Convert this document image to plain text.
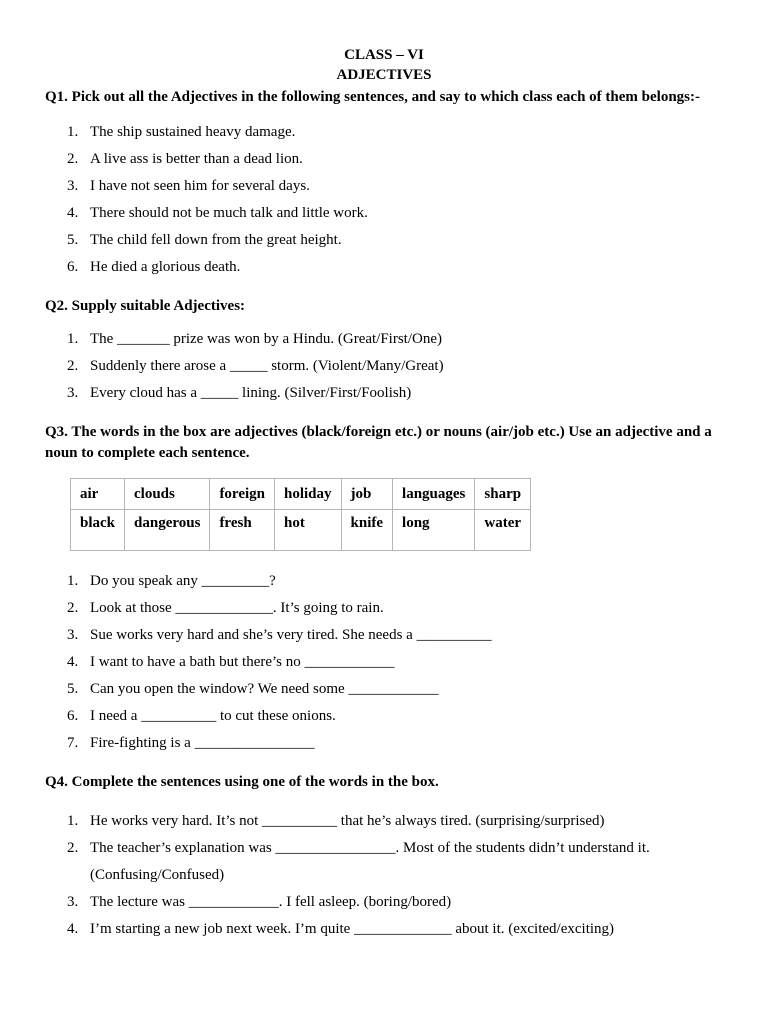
CLASS – VI
ADJECTIVES
Q1. Pick out all the Adjectives in the following sentences, and say to which class each of them belongs:-
1. The ship sustained heavy damage.
2. A live ass is better than a dead lion.
3. I have not seen him for several days.
4. There should not be much talk and little work.
5. The child fell down from the great height.
6. He died a glorious death.
Q2. Supply suitable Adjectives:
1. The _______ prize was won by a Hindu. (Great/First/One)
2. Suddenly there arose a _____ storm. (Violent/Many/Great)
3. Every cloud has a _____ lining. (Silver/First/Foolish)
Q3. The words in the box are adjectives (black/foreign etc.) or nouns (air/job etc.) Use an adjective and a noun to complete each sentence.
air	clouds	foreign	holiday	job	languages	sharp
black	dangerous	fresh	hot	knife	long	water
1. Do you speak any _________?
2. Look at those _____________. It’s going to rain.
3. Sue works very hard and she’s very tired. She needs a __________
4. I want to have a bath but there’s no ____________
5. Can you open the window? We need some ____________
6. I need a __________ to cut these onions.
7. Fire-fighting is a ________________
Q4. Complete the sentences using one of the words in the box.
1. He works very hard. It’s not __________ that he’s always tired. (surprising/surprised)
2. The teacher’s explanation was ________________. Most of the students didn’t understand it. (Confusing/Confused)
3. The lecture was ____________. I fell asleep. (boring/bored)
4. I’m starting a new job next week. I’m quite _____________ about it. (excited/exciting)
